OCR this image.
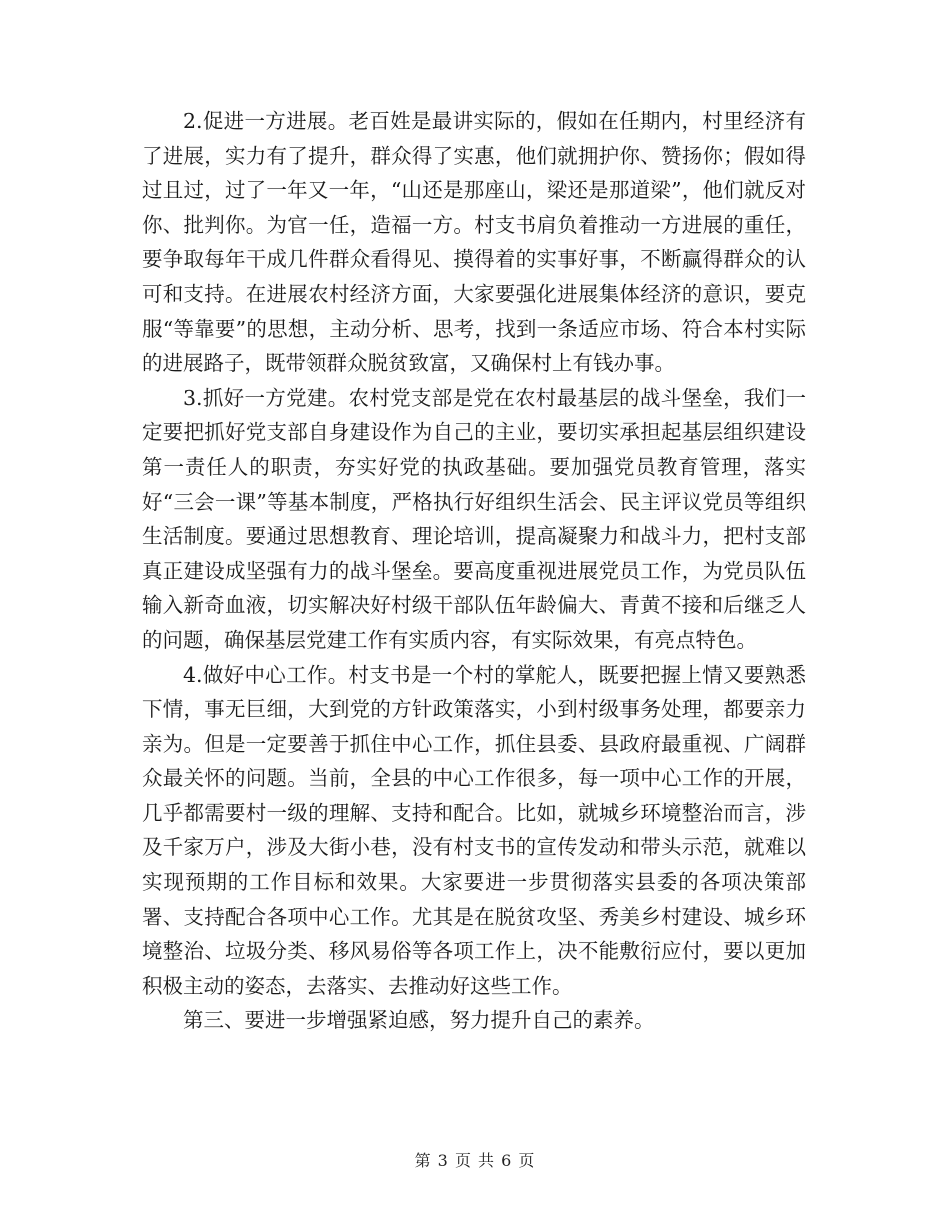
2.促进一方进展。老百姓是最讲实际的，假如在任期内，村里经济有了进展，实力有了提升，群众得了实惠，他们就拥护你、赞扬你；假如得过且过，过了一年又一年，“山还是那座山，梁还是那道梁”，他们就反对你、批判你。为官一任，造福一方。村支书肩负着推动一方进展的重任，要争取每年干成几件群众看得见、摸得着的实事好事，不断赢得群众的认可和支持。在进展农村经济方面，大家要强化进展集体经济的意识，要克服“等靠要”的思想，主动分析、思考，找到一条适应市场、符合本村实际的进展路子，既带领群众脱贫致富，又确保村上有钱办事。

3.抓好一方党建。农村党支部是党在农村最基层的战斗堡垒，我们一定要把抓好党支部自身建设作为自己的主业，要切实承担起基层组织建设第一责任人的职责，夯实好党的执政基础。要加强党员教育管理，落实好“三会一课”等基本制度，严格执行好组织生活会、民主评议党员等组织生活制度。要通过思想教育、理论培训，提高凝聚力和战斗力，把村支部真正建设成坚强有力的战斗堡垒。要高度重视进展党员工作，为党员队伍输入新奇血液，切实解决好村级干部队伍年龄偏大、青黄不接和后继乏人的问题，确保基层党建工作有实质内容，有实际效果，有亮点特色。

4.做好中心工作。村支书是一个村的掌舵人，既要把握上情又要熟悉下情，事无巨细，大到党的方针政策落实，小到村级事务处理，都要亲力亲为。但是一定要善于抓住中心工作，抓住县委、县政府最重视、广阔群众最关怀的问题。当前，全县的中心工作很多，每一项中心工作的开展，几乎都需要村一级的理解、支持和配合。比如，就城乡环境整治而言，涉及千家万户，涉及大街小巷，没有村支书的宣传发动和带头示范，就难以实现预期的工作目标和效果。大家要进一步贯彻落实县委的各项决策部署、支持配合各项中心工作。尤其是在脱贫攻坚、秀美乡村建设、城乡环境整治、垃圾分类、移风易俗等各项工作上，决不能敷衍应付，要以更加积极主动的姿态，去落实、去推动好这些工作。

第三、要进一步增强紧迫感，努力提升自己的素养。

第 3 页 共 6 页
